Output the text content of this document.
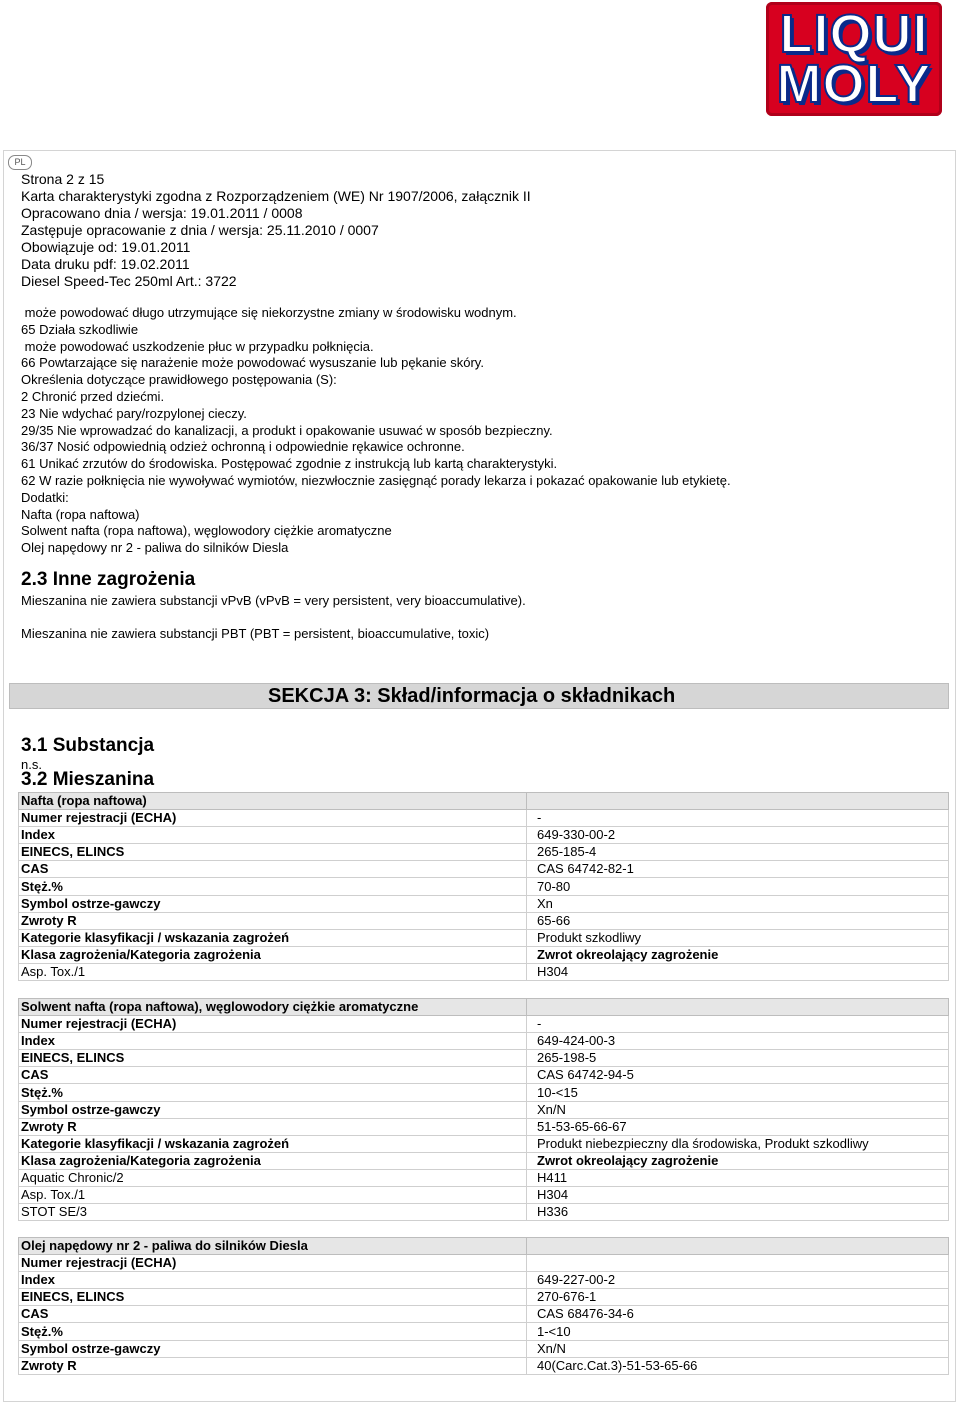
LIQUI
MOLY
PL
Strona 2 z 15
Karta charakterystyki zgodna z Rozporządzeniem (WE) Nr 1907/2006, załącznik II
Opracowano dnia / wersja: 19.01.2011 / 0008
Zastępuje opracowanie z dnia / wersja: 25.11.2010 / 0007
Obowiązuje od: 19.01.2011
Data druku pdf: 19.02.2011
Diesel Speed-Tec 250ml Art.: 3722
może powodować długo utrzymujące się niekorzystne zmiany w środowisku wodnym.
65 Działa szkodliwie
może powodować uszkodzenie płuc w przypadku połknięcia.
66 Powtarzające się narażenie może powodować wysuszanie lub pękanie skóry.
Określenia dotyczące prawidłowego postępowania (S):
2 Chronić przed dziećmi.
23 Nie wdychać pary/rozpylonej cieczy.
29/35 Nie wprowadzać do kanalizacji, a produkt i opakowanie usuwać w sposób bezpieczny.
36/37 Nosić odpowiednią odzież ochronną i odpowiednie rękawice ochronne.
61 Unikać zrzutów do środowiska. Postępować zgodnie z instrukcją lub kartą charakterystyki.
62 W razie połknięcia nie wywoływać wymiotów, niezwłocznie zasięgnąć porady lekarza i pokazać opakowanie lub etykietę.
Dodatki:
Nafta (ropa naftowa)
Solwent nafta (ropa naftowa), węglowodory ciężkie aromatyczne
Olej napędowy nr 2 - paliwa do silników Diesla
2.3 Inne zagrożenia
Mieszanina nie zawiera substancji vPvB (vPvB = very persistent, very bioaccumulative).
Mieszanina nie zawiera substancji PBT (PBT = persistent, bioaccumulative, toxic)
SEKCJA 3: Skład/informacja o składnikach
3.1 Substancja
n.s.
3.2 Mieszanina
Nafta (ropa naftowa)	
Numer rejestracji (ECHA)	-
Index	649-330-00-2
EINECS, ELINCS	265-185-4
CAS	CAS 64742-82-1
Stęż.%	70-80
Symbol ostrze-gawczy	Xn
Zwroty R	65-66
Kategorie klasyfikacji / wskazania zagrożeń	Produkt szkodliwy
Klasa zagrożenia/Kategoria zagrożenia	Zwrot okreolający zagrożenie
Asp. Tox./1	H304
Solwent nafta (ropa naftowa), węglowodory ciężkie aromatyczne	
Numer rejestracji (ECHA)	-
Index	649-424-00-3
EINECS, ELINCS	265-198-5
CAS	CAS 64742-94-5
Stęż.%	10-<15
Symbol ostrze-gawczy	Xn/N
Zwroty R	51-53-65-66-67
Kategorie klasyfikacji / wskazania zagrożeń	Produkt niebezpieczny dla środowiska, Produkt szkodliwy
Klasa zagrożenia/Kategoria zagrożenia	Zwrot okreolający zagrożenie
Aquatic Chronic/2	H411
Asp. Tox./1	H304
STOT SE/3	H336
Olej napędowy nr 2 - paliwa do silników Diesla	
Numer rejestracji (ECHA)	
Index	649-227-00-2
EINECS, ELINCS	270-676-1
CAS	CAS 68476-34-6
Stęż.%	1-<10
Symbol ostrze-gawczy	Xn/N
Zwroty R	40(Carc.Cat.3)-51-53-65-66
